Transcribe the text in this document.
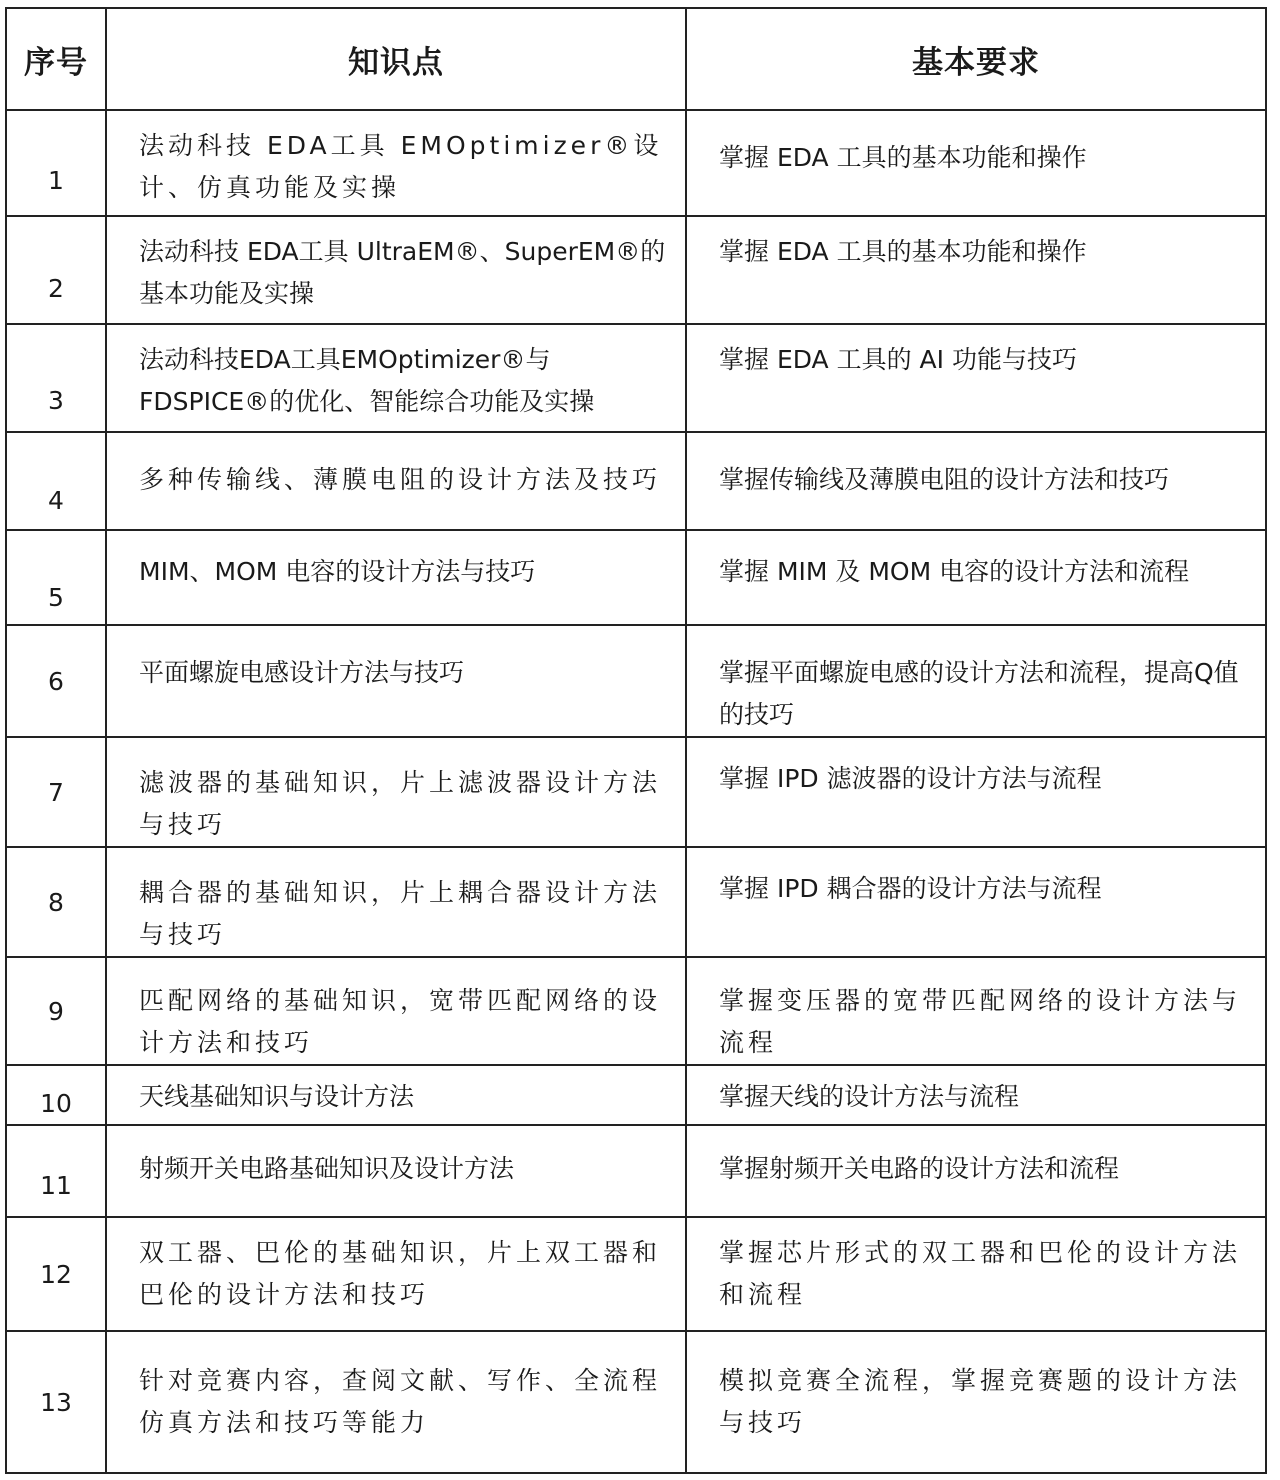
序号	知识点	基本要求
1	法动科技 EDA工具 EMOptimizer®设计、仿真功能及实操	掌握 EDA 工具的基本功能和操作
2	法动科技 EDA工具 UltraEM®、SuperEM®的基本功能及实操	掌握 EDA 工具的基本功能和操作
3	法动科技EDA工具EMOptimizer®与FDSPICE®的优化、智能综合功能及实操	掌握 EDA 工具的 AI 功能与技巧
4	多种传输线、薄膜电阻的设计方法及技巧	掌握传输线及薄膜电阻的设计方法和技巧
5	MIM、MOM 电容的设计方法与技巧	掌握 MIM 及 MOM 电容的设计方法和流程
6	平面螺旋电感设计方法与技巧	掌握平面螺旋电感的设计方法和流程，提高Q值的技巧
7	滤波器的基础知识，片上滤波器设计方法与技巧	掌握 IPD 滤波器的设计方法与流程
8	耦合器的基础知识，片上耦合器设计方法与技巧	掌握 IPD 耦合器的设计方法与流程
9	匹配网络的基础知识，宽带匹配网络的设计方法和技巧	掌握变压器的宽带匹配网络的设计方法与流程
10	天线基础知识与设计方法	掌握天线的设计方法与流程
11	射频开关电路基础知识及设计方法	掌握射频开关电路的设计方法和流程
12	双工器、巴伦的基础知识，片上双工器和巴伦的设计方法和技巧	掌握芯片形式的双工器和巴伦的设计方法和流程
13	针对竞赛内容，查阅文献、写作、全流程仿真方法和技巧等能力	模拟竞赛全流程，掌握竞赛题的设计方法与技巧
